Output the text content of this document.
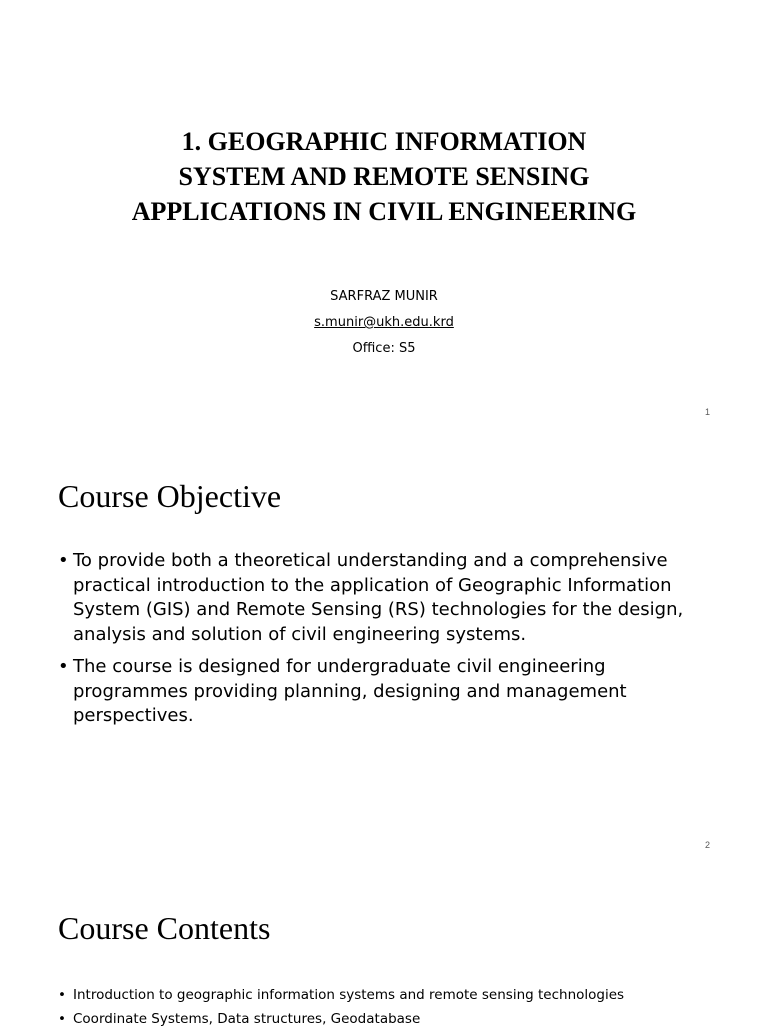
1. GEOGRAPHIC INFORMATION
SYSTEM AND REMOTE SENSING
APPLICATIONS IN CIVIL ENGINEERING
SARFRAZ MUNIR
s.munir@ukh.edu.krd
Office: S5
1
Course Objective
• To provide both a theoretical understanding and a comprehensive practical introduction to the application of Geographic Information System (GIS) and Remote Sensing (RS) technologies for the design, analysis and solution of civil engineering systems.
• The course is designed for undergraduate civil engineering programmes providing planning, designing and management perspectives.
2
Course Contents
• Introduction to geographic information systems and remote sensing technologies
• Coordinate Systems, Data structures, Geodatabase
